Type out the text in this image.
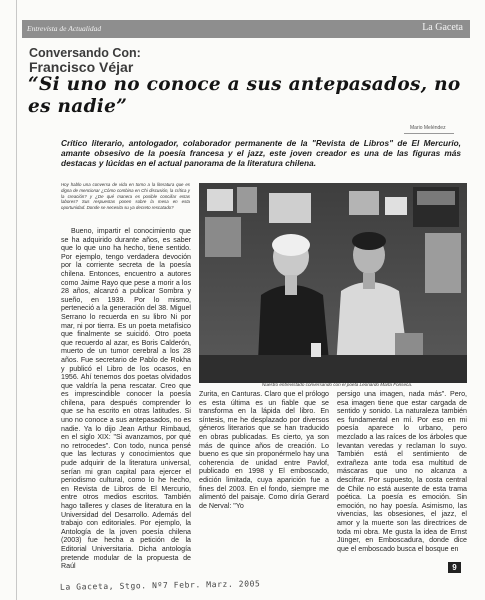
Entrevista de Actualidad	La Gaceta
Conversando Con:
Francisco Véjar
“Si uno no conoce a sus antepasados, no es nadie”
Mario Meléndez
Crítico literario, antologador, colaborador permanente de la "Revista de Libros" de El Mercurio, amante obsesivo de la poesía francesa y el jazz, este joven creador es una de las figuras más destacas y lúcidas en el actual panorama de la literatura chilena.
Hoy hablo una conversa de vida en torno a la literatura que es digna de mencionar ¿Cómo combina en Chi discusión, la crítica y la creación? y ¿De qué manera es posible conciliar estas labores? Sus respuestas ponen sobre la mesa en esta oportunidad. Donde se necesita su ya decreto rescatado?
Bueno, impartir el conocimiento que se ha adquirido durante años, es saber que lo que uno ha hecho, tiene sentido. Por ejemplo, tengo verdadera devoción por la corriente secreta de la poesía chilena. Entonces, encuentro a autores como Jaime Rayo que pese a morir a los 28 años, alcanzó a publicar Sombra y sueño, en 1939. Por lo mismo, perteneció a la generación del 38. Miguel Serrano lo recuerda en su libro Ni por mar, ni por tierra. Es un poeta metafísico que finalmente se suicidó. Otro poeta que recuerdo al azar, es Boris Calderón, muerto de un tumor cerebral a los 28 años. Fue secretario de Pablo de Rokha y publicó el Libro de los ocasos, en 1956. Ahí tenemos dos poetas olvidados que valdría la pena rescatar. Creo que es imprescindible conocer la poesía chilena, para después comprender lo que se ha escrito en otras latitudes. Si uno no conoce a sus antepasados, no es nadie. Ya lo dijo Jean Arthur Rimbaud, en el siglo XIX: "Si avanzamos, por qué no retrocedes". Con todo, nunca pensé que las lecturas y conocimientos que pude adquirir de la literatura universal, serían mi gran capital para ejercer el periodismo cultural, como lo he hecho, en Revista de Libros de El Mercurio, entre otros medios escritos. También hago talleres y clases de literatura en la Universidad del Desarrollo. Además del trabajo con editoriales. Por ejemplo, la Antología de la joven poesía chilena (2003) fue hecha a petición de la Editorial Universitaria. Dicha antología pretende modular de la propuesta de Raúl
Nuestro entrevistado conversando con el poeta Leonardo Marta Fonseca.
Zurita, en Canturas. Claro que el prólogo es esta última es un fiable que se transforma en la lápida del libro. En síntesis, me he desplazado por diversos géneros literarios que se han traducido en obras publicadas. Es cierto, ya son más de quince años de creación. Lo bueno es que sin proponérmelo hay una coherencia de unidad entre Pavlof, publicado en 1998 y El emboscado, edición limitada, cuya aparición fue a fines del 2003. En el fondo, siempre me alimentó del paisaje. Como diría Gerard de Nerval: "Yo
persigo una imagen, nada más". Pero, esa imagen tiene que estar cargada de sentido y sonido. La naturaleza también es fundamental en mí. Por eso en mi poesía aparece lo urbano, pero mezclado a las raíces de los árboles que levantan veredas y reclaman lo suyo. También está el sentimiento de extrañeza ante toda esa multitud de máscaras que uno no alcanza a descifrar. Por supuesto, la costa central de Chile no está ausente de esta trama poética. La poesía es emoción. Sin emoción, no hay poesía. Asimismo, las vivencias, las obsesiones, el jazz, el amor y la muerte son las directrices de toda mi obra. Me gusta la idea de Ernst Jünger, en Emboscadura, donde dice que el emboscado busca el bosque en
9
La Gaceta, Stgo. Nº7 Febr. Marz. 2005
